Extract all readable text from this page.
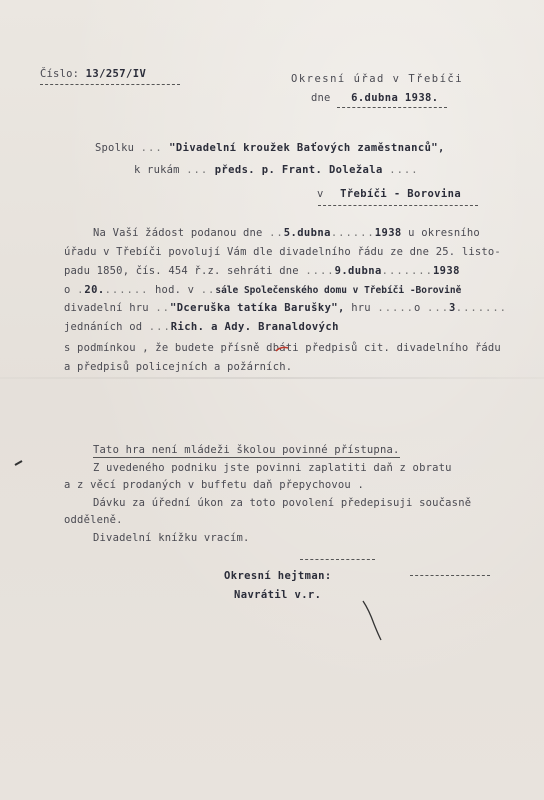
Číslo: 13/257/IV	Okresní úřad v Třebíči
dne 6.dubna 1938.
Spolku ... "Divadelní kroužek Baťových zaměstnanců",
k rukám ... předs. p. Frant. Doležala ....
v Třebíči - Borovina
Na Vaší žádost podanou dne ..5.dubna......1938 u okresního
úřadu v Třebíči povolují Vám dle divadelního řádu ze dne 25. listo-
padu 1850, čís. 454 ř.z. sehráti dne ....9.dubna.......1938
o .20....... hod. v ..sále Společenského domu v Třebíči -Borovině
divadelní hru .."Dceruška tatíka Barušky", hru .....o ...3.......
jednáních od ...Rich. a Ady. Branaldových
s podmínkou , že budete přísně dbáti předpisů cit. divadelního řádu
a předpisů policejních a požárních.
Tato hra není mládeži školou povinné přístupna.
Z uvedeného podniku jste povinni zaplatiti daň z obratu
a z věcí prodaných v buffetu daň přepychovou .
Dávku za úřední úkon za toto povolení předepisuji současně
odděleně.
Divadelní knížku vracím.
Okresní hejtman:
Navrátil v.r.
